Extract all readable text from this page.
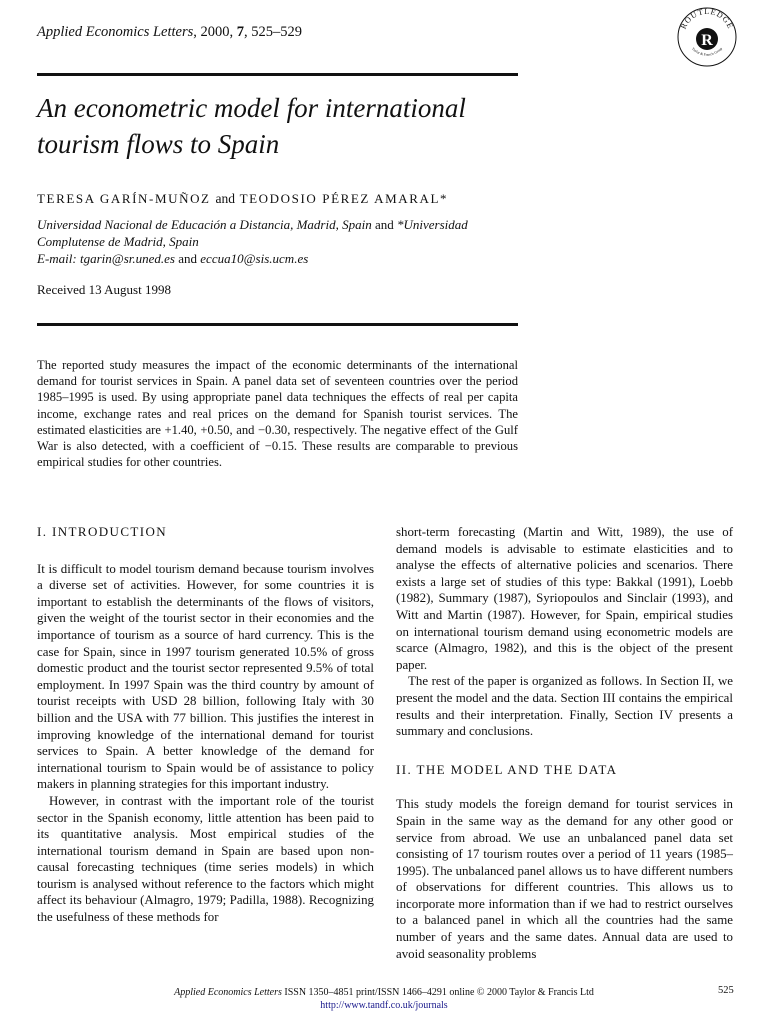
Applied Economics Letters, 2000, 7, 525–529	ROUTLEDGE
Taylor & Francis Group
R
An econometric model for international
tourism flows to Spain
TERESA GARÍN-MUÑOZ and TEODOSIO PÉREZ AMARAL*
Universidad Nacional de Educación a Distancia, Madrid, Spain and *Universidad Complutense de Madrid, Spain
E-mail: tgarin@sr.uned.es and eccua10@sis.ucm.es
Received 13 August 1998

The reported study measures the impact of the economic determinants of the international demand for tourist services in Spain. A panel data set of seventeen countries over the period 1985–1995 is used. By using appropriate panel data techniques the effects of real per capita income, exchange rates and real prices on the demand for Spanish tourist services. The estimated elasticities are +1.40, +0.50, and −0.30, respectively. The negative effect of the Gulf War is also detected, with a coefficient of −0.15. These results are comparable to previous empirical studies for other countries.

I. INTRODUCTION

It is difficult to model tourism demand because tourism involves a diverse set of activities. However, for some countries it is important to establish the determinants of the flows of visitors, given the weight of the tourist sector in their economies and the importance of tourism as a source of hard currency. This is the case for Spain, since in 1997 tourism generated 10.5% of gross domestic product and the tourist sector represented 9.5% of total employment. In 1997 Spain was the third country by amount of tourist receipts with USD 28 billion, following Italy with 30 billion and the USA with 77 billion. This justifies the interest in improving knowledge of the international demand for tourist services to Spain. A better knowledge of the demand for international tourism to Spain would be of assistance to policy makers in planning strategies for this important industry.

However, in contrast with the important role of the tourist sector in the Spanish economy, little attention has been paid to its quantitative analysis. Most empirical studies of the international tourism demand in Spain are based upon non-causal forecasting techniques (time series models) in which tourism is analysed without reference to the factors which might affect its behaviour (Almagro, 1979; Padilla, 1988). Recognizing the usefulness of these methods for

short-term forecasting (Martin and Witt, 1989), the use of demand models is advisable to estimate elasticities and to analyse the effects of alternative policies and scenarios. There exists a large set of studies of this type: Bakkal (1991), Loebb (1982), Summary (1987), Syriopoulos and Sinclair (1993), and Witt and Martin (1987). However, for Spain, empirical studies on international tourism demand using econometric models are scarce (Almagro, 1982), and this is the object of the present paper.

The rest of the paper is organized as follows. In Section II, we present the model and the data. Section III contains the empirical results and their interpretation. Finally, Section IV presents a summary and conclusions.

II. THE MODEL AND THE DATA

This study models the foreign demand for tourist services in Spain in the same way as the demand for any other good or service from abroad. We use an unbalanced panel data set consisting of 17 tourism routes over a period of 11 years (1985–1995). The unbalanced panel allows us to have different numbers of observations for different countries. This allows us to incorporate more information than if we had to restrict ourselves to a balanced panel in which all the countries had the same number of years and the same dates. Annual data are used to avoid seasonality problems

Applied Economics Letters ISSN 1350–4851 print/ISSN 1466–4291 online © 2000 Taylor & Francis Ltd
http://www.tandf.co.uk/journals
525
